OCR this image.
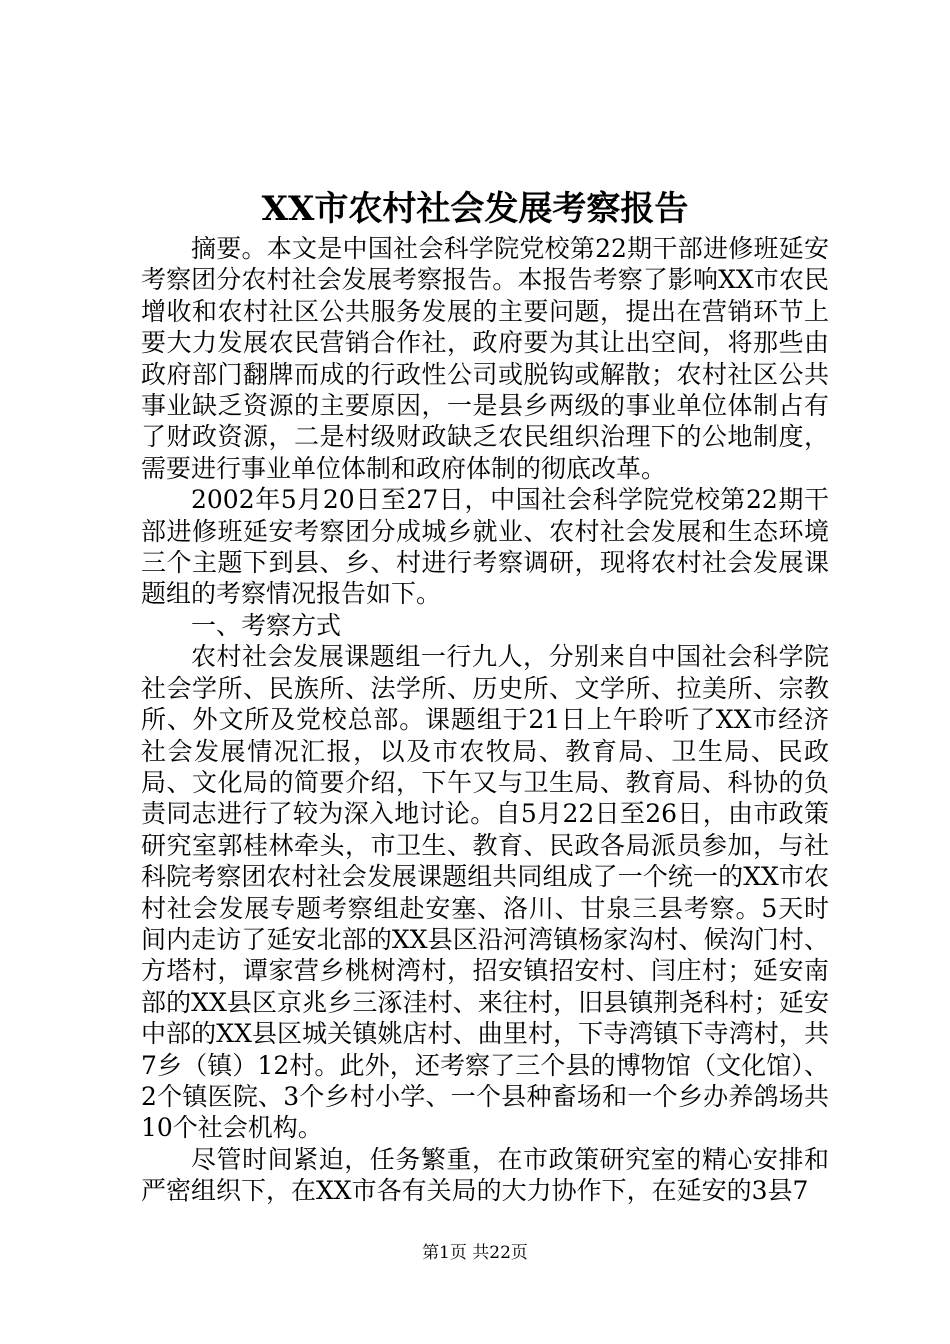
XX市农村社会发展考察报告

摘要。本文是中国社会科学院党校第22期干部进修班延安考察团分农村社会发展考察报告。本报告考察了影响XX市农民增收和农村社区公共服务发展的主要问题，提出在营销环节上要大力发展农民营销合作社，政府要为其让出空间，将那些由政府部门翻牌而成的行政性公司或脱钩或解散；农村社区公共事业缺乏资源的主要原因，一是县乡两级的事业单位体制占有了财政资源，二是村级财政缺乏农民组织治理下的公地制度，需要进行事业单位体制和政府体制的彻底改革。

2002年5月20日至27日，中国社会科学院党校第22期干部进修班延安考察团分成城乡就业、农村社会发展和生态环境三个主题下到县、乡、村进行考察调研，现将农村社会发展课题组的考察情况报告如下。

一、考察方式

农村社会发展课题组一行九人，分别来自中国社会科学院社会学所、民族所、法学所、历史所、文学所、拉美所、宗教所、外文所及党校总部。课题组于21日上午聆听了XX市经济社会发展情况汇报，以及市农牧局、教育局、卫生局、民政局、文化局的简要介绍，下午又与卫生局、教育局、科协的负责同志进行了较为深入地讨论。自5月22日至26日，由市政策研究室郭桂林牵头，市卫生、教育、民政各局派员参加，与社科院考察团农村社会发展课题组共同组成了一个统一的XX市农村社会发展专题考察组赴安塞、洛川、甘泉三县考察。5天时间内走访了延安北部的XX县区沿河湾镇杨家沟村、候沟门村、方塔村，谭家营乡桃树湾村，招安镇招安村、闫庄村；延安南部的XX县区京兆乡三涿洼村、来往村，旧县镇荆尧科村；延安中部的XX县区城关镇姚店村、曲里村，下寺湾镇下寺湾村，共7乡（镇）12村。此外，还考察了三个县的博物馆（文化馆）、2个镇医院、3个乡村小学、一个县种畜场和一个乡办养鸽场共10个社会机构。

尽管时间紧迫，任务繁重，在市政策研究室的精心安排和严密组织下，在XX市各有关局的大力协作下，在延安的3县7

第1页 共22页
